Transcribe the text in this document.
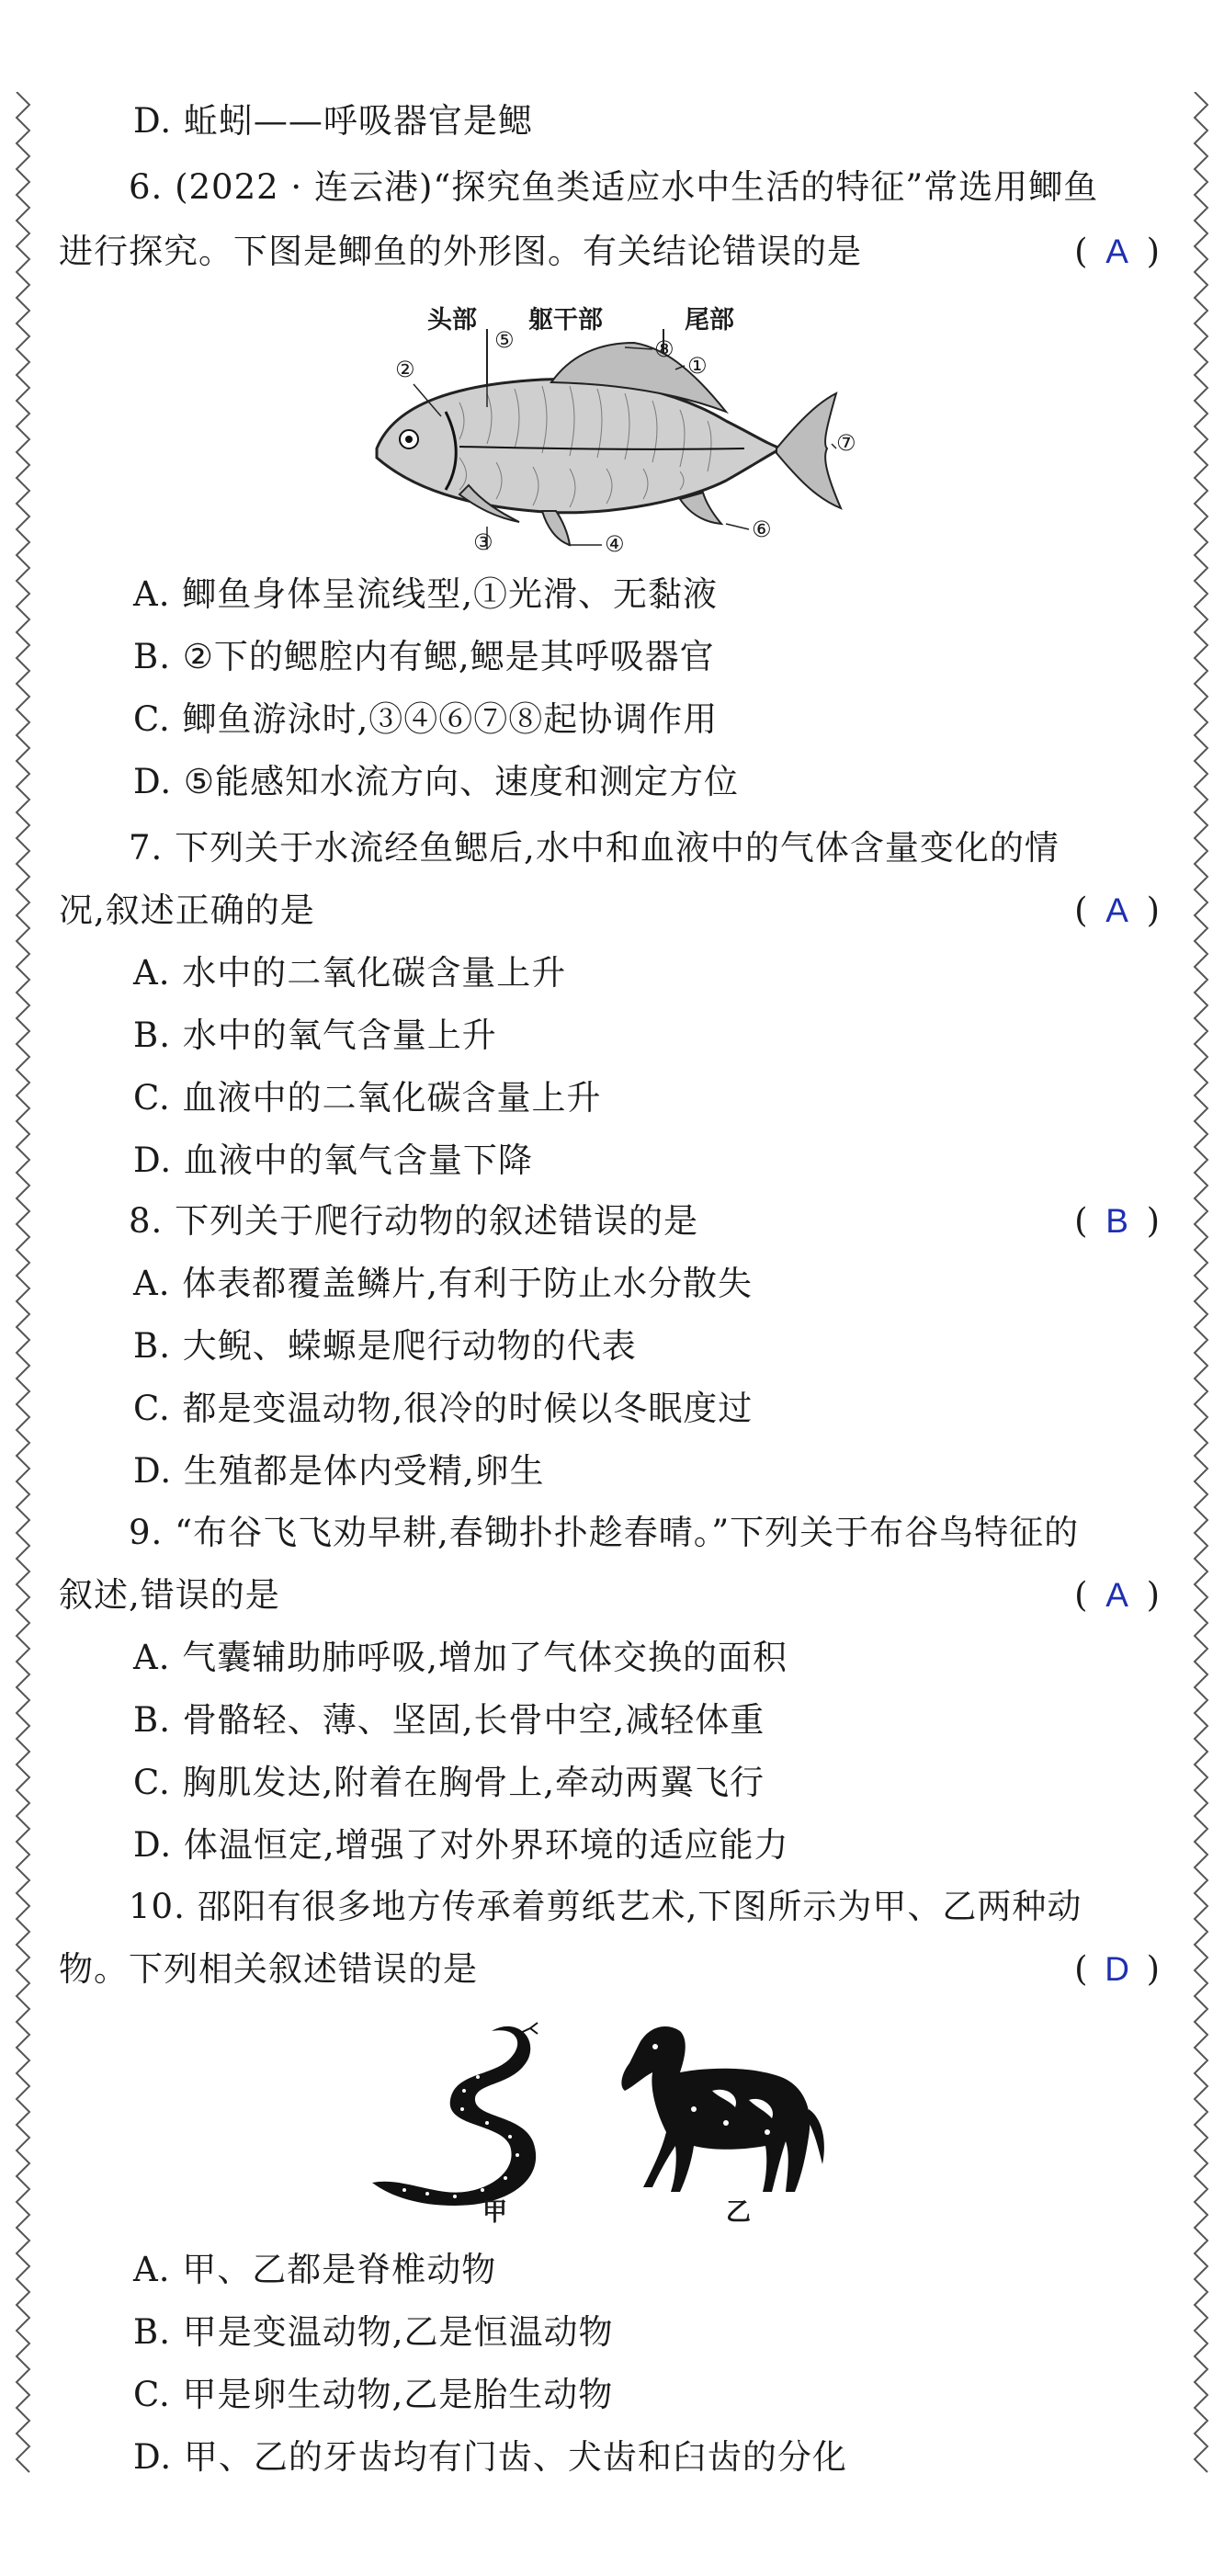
D. 蚯蚓——呼吸器官是鳃
6. (2022 · 连云港)“探究鱼类适应水中生活的特征”常选用鲫鱼
进行探究。下图是鲫鱼的外形图。有关结论错误的是	( A )
头部 躯干部	尾部
②
⑤	⑧
①
③	④
⑥
⑦
A. 鲫鱼身体呈流线型,①光滑、无黏液
B. ②下的鳃腔内有鳃,鳃是其呼吸器官
C. 鲫鱼游泳时,③④⑥⑦⑧起协调作用
D. ⑤能感知水流方向、速度和测定方位
7. 下列关于水流经鱼鳃后,水中和血液中的气体含量变化的情
况,叙述正确的是	( A )
A. 水中的二氧化碳含量上升
B. 水中的氧气含量上升
C. 血液中的二氧化碳含量上升
D. 血液中的氧气含量下降
8. 下列关于爬行动物的叙述错误的是	( B )
A. 体表都覆盖鳞片,有利于防止水分散失
B. 大鲵、蝾螈是爬行动物的代表
C. 都是变温动物,很冷的时候以冬眠度过
D. 生殖都是体内受精,卵生
9. “布谷飞飞劝早耕,春锄扑扑趁春晴。”下列关于布谷鸟特征的
叙述,错误的是	( A )
A. 气囊辅助肺呼吸,增加了气体交换的面积
B. 骨骼轻、薄、坚固,长骨中空,减轻体重
C. 胸肌发达,附着在胸骨上,牵动两翼飞行
D. 体温恒定,增强了对外界环境的适应能力
10. 邵阳有很多地方传承着剪纸艺术,下图所示为甲、乙两种动
物。下列相关叙述错误的是	( D )
甲	乙
A. 甲、乙都是脊椎动物
B. 甲是变温动物,乙是恒温动物
C. 甲是卵生动物,乙是胎生动物
D. 甲、乙的牙齿均有门齿、犬齿和臼齿的分化
